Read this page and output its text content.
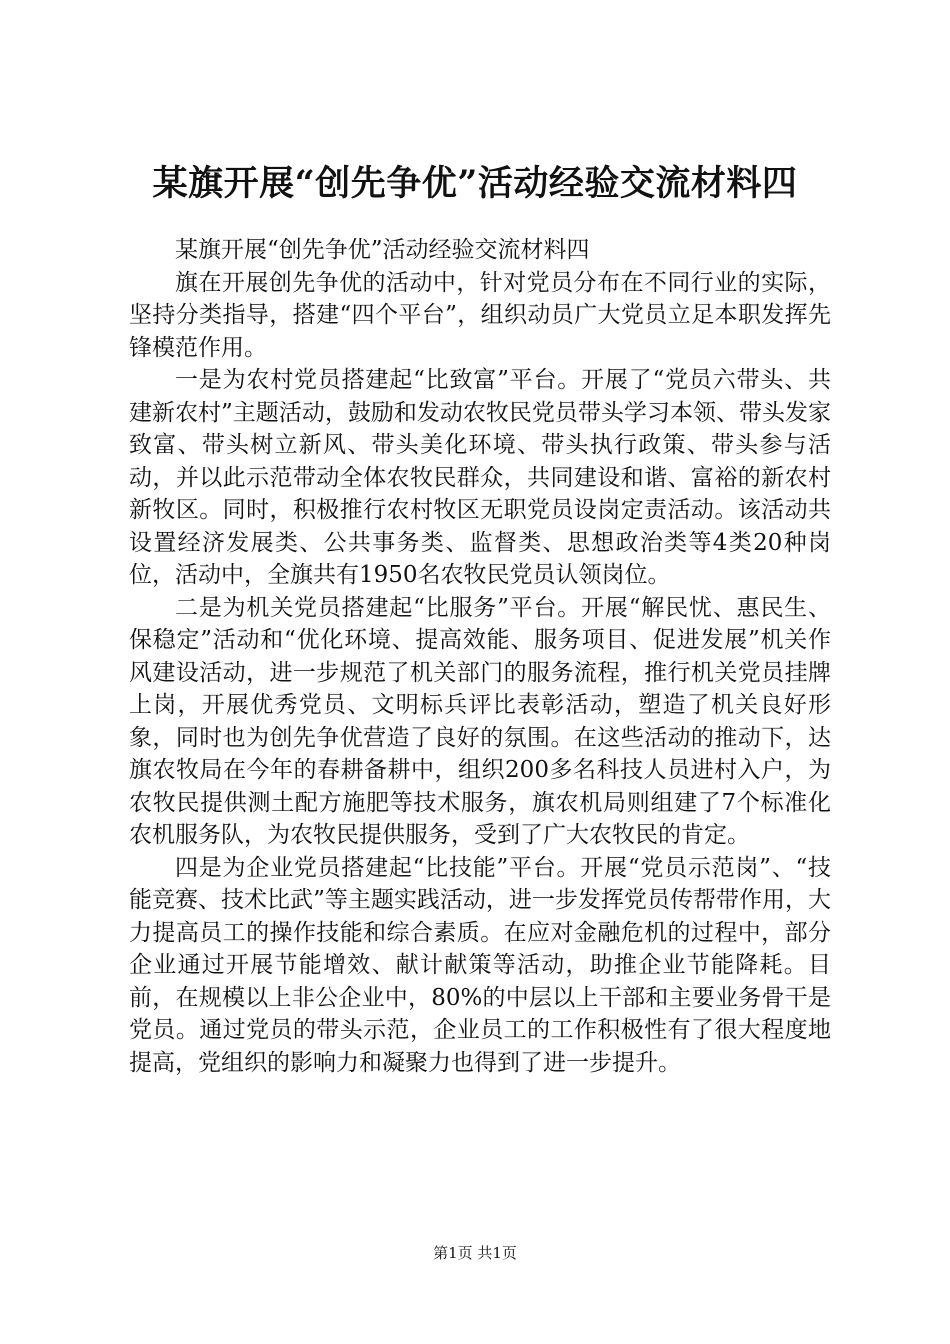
某旗开展“创先争优”活动经验交流材料四

某旗开展“创先争优”活动经验交流材料四

旗在开展创先争优的活动中，针对党员分布在不同行业的实际，坚持分类指导，搭建“四个平台”，组织动员广大党员立足本职发挥先锋模范作用。

一是为农村党员搭建起“比致富”平台。开展了“党员六带头、共建新农村”主题活动，鼓励和发动农牧民党员带头学习本领、带头发家致富、带头树立新风、带头美化环境、带头执行政策、带头参与活动，并以此示范带动全体农牧民群众，共同建设和谐、富裕的新农村新牧区。同时，积极推行农村牧区无职党员设岗定责活动。该活动共设置经济发展类、公共事务类、监督类、思想政治类等4类20种岗位，活动中，全旗共有1950名农牧民党员认领岗位。

二是为机关党员搭建起“比服务”平台。开展“解民忧、惠民生、保稳定”活动和“优化环境、提高效能、服务项目、促进发展”机关作风建设活动，进一步规范了机关部门的服务流程，推行机关党员挂牌上岗，开展优秀党员、文明标兵评比表彰活动，塑造了机关良好形象，同时也为创先争优营造了良好的氛围。在这些活动的推动下，达旗农牧局在今年的春耕备耕中，组织200多名科技人员进村入户，为农牧民提供测土配方施肥等技术服务，旗农机局则组建了7个标准化农机服务队，为农牧民提供服务，受到了广大农牧民的肯定。

四是为企业党员搭建起“比技能”平台。开展“党员示范岗”、“技能竞赛、技术比武”等主题实践活动，进一步发挥党员传帮带作用，大力提高员工的操作技能和综合素质。在应对金融危机的过程中，部分企业通过开展节能增效、献计献策等活动，助推企业节能降耗。目前，在规模以上非公企业中，80%的中层以上干部和主要业务骨干是党员。通过党员的带头示范，企业员工的工作积极性有了很大程度地提高，党组织的影响力和凝聚力也得到了进一步提升。

第1页 共1页
